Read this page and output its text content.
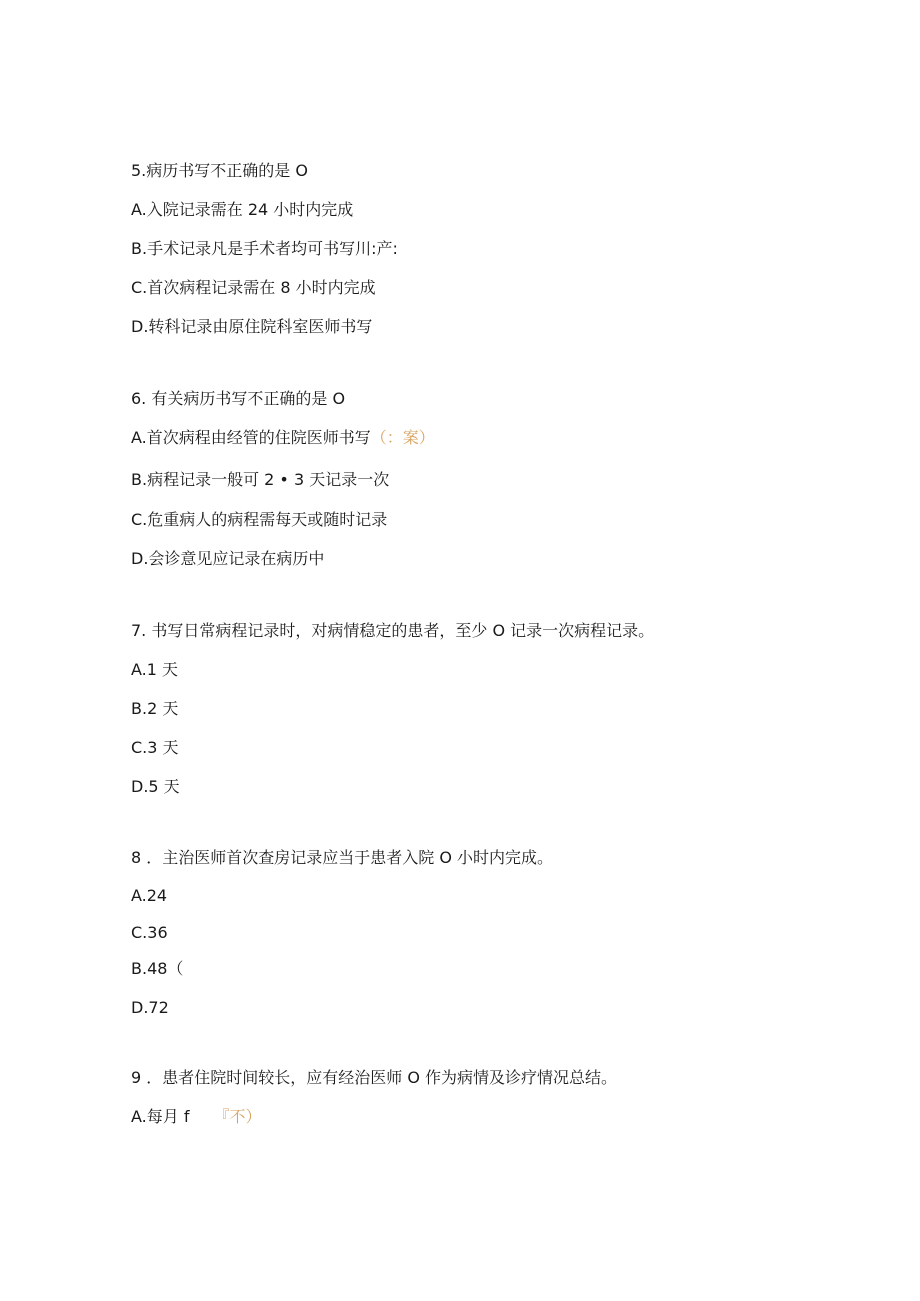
5.病历书写不正确的是 O
A.入院记录需在 24 小时内完成
B.手术记录凡是手术者均可书写川:产:
C.首次病程记录需在 8 小时内完成
D.转科记录由原住院科室医师书写
6. 有关病历书写不正确的是 O
A.首次病程由经管的住院医师书写（：案）
B.病程记录一般可 2 • 3 天记录一次
C.危重病人的病程需每天或随时记录
D.会诊意见应记录在病历中
7. 书写日常病程记录时，对病情稳定的患者，至少 O 记录一次病程记录。
A.1 天
B.2 天
C.3 天
D.5 天
8 ．主治医师首次查房记录应当于患者入院 O 小时内完成。
A.24
C.36
B.48（
D.72
9 ．患者住院时间较长，应有经治医师 O 作为病情及诊疗情况总结。
A.每月 f 『不）
